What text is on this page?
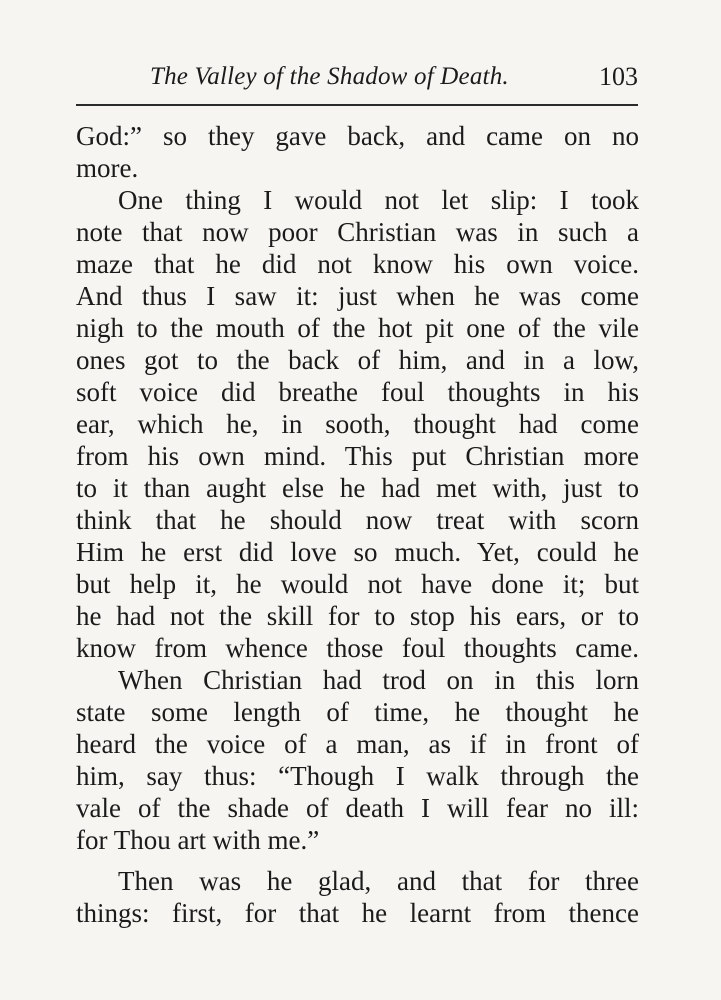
The Valley of the Shadow of Death.	103
God:” so they gave back, and came on no
more.
One thing I would not let slip: I took
note that now poor Christian was in such a
maze that he did not know his own voice.
And thus I saw it: just when he was come
nigh to the mouth of the hot pit one of the vile
ones got to the back of him, and in a low,
soft voice did breathe foul thoughts in his
ear, which he, in sooth, thought had come
from his own mind. This put Christian more
to it than aught else he had met with, just to
think that he should now treat with scorn
Him he erst did love so much. Yet, could he
but help it, he would not have done it; but
he had not the skill for to stop his ears, or to
know from whence those foul thoughts came.
When Christian had trod on in this lorn
state some length of time, he thought he
heard the voice of a man, as if in front of
him, say thus: “Though I walk through the
vale of the shade of death I will fear no ill:
for Thou art with me.”
Then was he glad, and that for three
things: first, for that he learnt from thence
